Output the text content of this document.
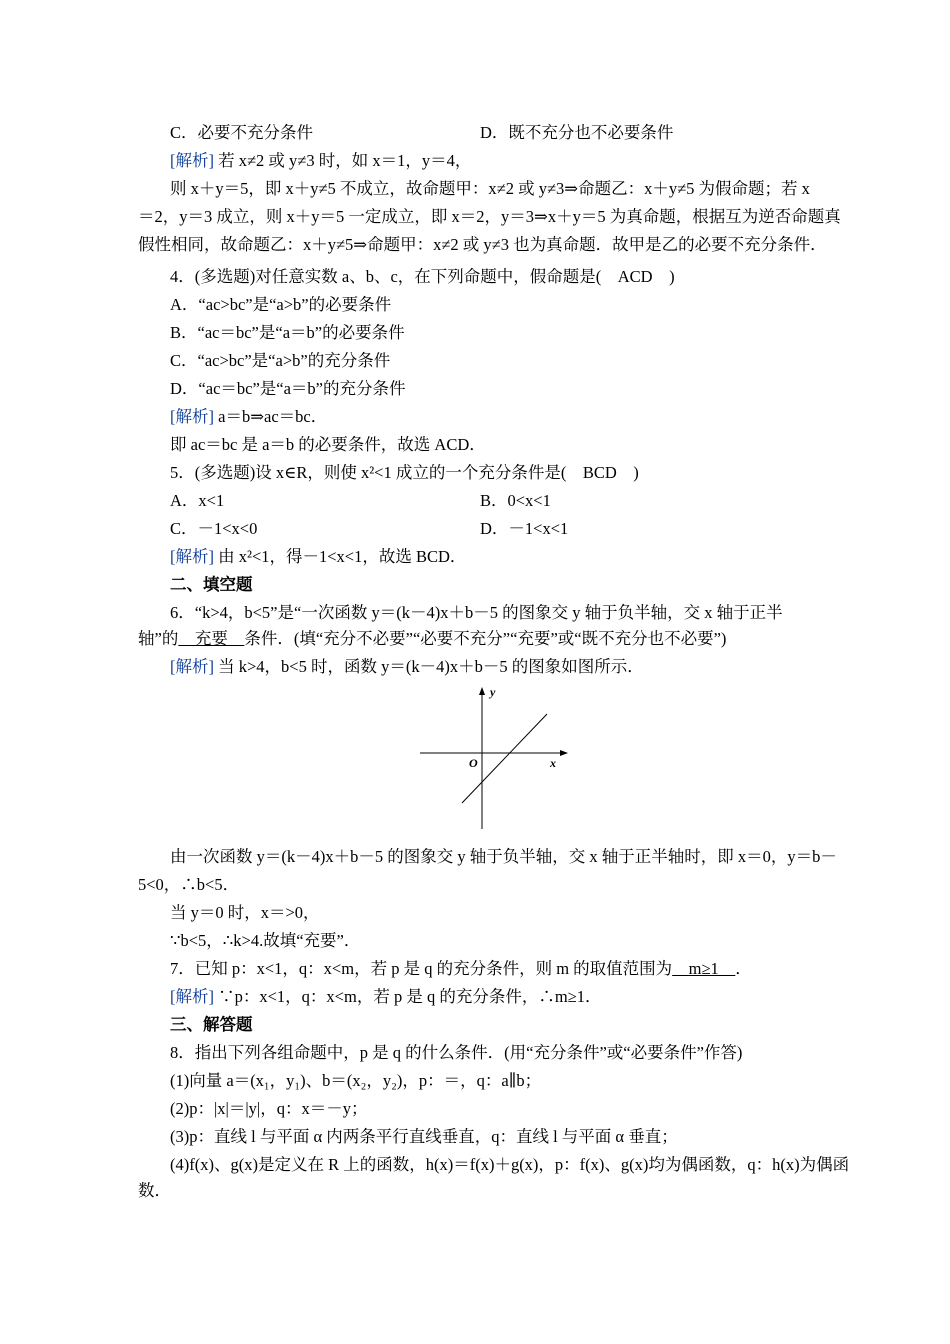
C．必要不充分条件	D．既不充分也不必要条件
[解析] 若 x≠2 或 y≠3 时，如 x＝1，y＝4，
则 x＋y＝5，即 x＋y≠5 不成立，故命题甲：x≠2 或 y≠3⇒命题乙：x＋y≠5 为假命题；若 x
＝2，y＝3 成立，则 x＋y＝5 一定成立，即 x＝2，y＝3⇒x＋y＝5 为真命题，根据互为逆否命题真
假性相同，故命题乙：x＋y≠5⇒命题甲：x≠2 或 y≠3 也为真命题．故甲是乙的必要不充分条件．
4．(多选题)对任意实数 a、b、c，在下列命题中，假命题是(　ACD　)
A．“ac>bc”是“a>b”的必要条件
B．“ac＝bc”是“a＝b”的必要条件
C．“ac>bc”是“a>b”的充分条件
D．“ac＝bc”是“a＝b”的充分条件
[解析] a＝b⇒ac＝bc．
即 ac＝bc 是 a＝b 的必要条件，故选 ACD．
5．(多选题)设 x∈R，则使 x²<1 成立的一个充分条件是(　BCD　)
A．x<1	B．0<x<1
C．－1<x<0	D．－1<x<1
[解析] 由 x²<1，得－1<x<1，故选 BCD．
二、填空题
6．“k>4，b<5”是“一次函数 y＝(k－4)x＋b－5 的图象交 y 轴于负半轴，交 x 轴于正半
轴”的　充要　条件．(填“充分不必要”“必要不充分”“充要”或“既不充分也不必要”)
[解析] 当 k>4，b<5 时，函数 y＝(k－4)x＋b－5 的图象如图所示．
y
x
O
由一次函数 y＝(k－4)x＋b－5 的图象交 y 轴于负半轴，交 x 轴于正半轴时，即 x＝0，y＝b－
5<0，∴b<5．
当 y＝0 时，x＝>0，
∵b<5，∴k>4.故填“充要”．
7．已知 p：x<1，q：x<m，若 p 是 q 的充分条件，则 m 的取值范围为　m≥1　．
[解析] ∵p：x<1，q：x<m，若 p 是 q 的充分条件，∴m≥1．
三、解答题
8．指出下列各组命题中，p 是 q 的什么条件．(用“充分条件”或“必要条件”作答)
(1)向量 a＝(x₁，y₁)、b＝(x₂，y₂)，p：＝，q：a∥b；
(2)p：|x|＝|y|，q：x＝－y；
(3)p：直线 l 与平面 α 内两条平行直线垂直，q：直线 l 与平面 α 垂直；
(4)f(x)、g(x)是定义在 R 上的函数，h(x)＝f(x)＋g(x)，p：f(x)、g(x)均为偶函数，q：h(x)为偶函
数．
